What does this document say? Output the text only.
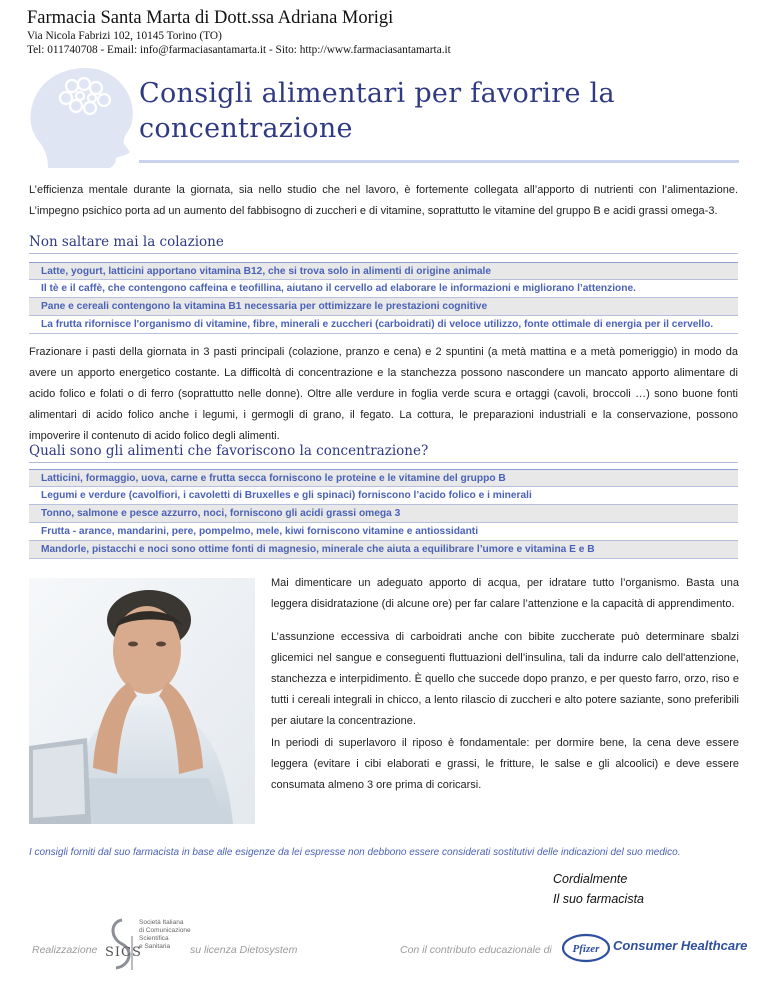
Farmacia Santa Marta di Dott.ssa Adriana Morigi
Via Nicola Fabrizi 102, 10145 Torino (TO)
Tel: 011740708 - Email: info@farmaciasantamarta.it - Sito: http://www.farmaciasantamarta.it
Consigli alimentari per favorire la
concentrazione
L’efficienza mentale durante la giornata, sia nello studio che nel lavoro, è fortemente collegata all’apporto di nutrienti con l’alimentazione. L’impegno psichico porta ad un aumento del fabbisogno di zuccheri e di vitamine, soprattutto le vitamine del gruppo B e acidi grassi omega-3.
Non saltare mai la colazione
Latte, yogurt, latticini apportano vitamina B12, che si trova solo in alimenti di origine animale
Il tè e il caffè, che contengono caffeina e teofillina, aiutano il cervello ad elaborare le informazioni e migliorano l’attenzione.
Pane e cereali contengono la vitamina B1 necessaria per ottimizzare le prestazioni cognitive
La frutta rifornisce l'organismo di vitamine, fibre, minerali e zuccheri (carboidrati) di veloce utilizzo, fonte ottimale di energia per il cervello.
Frazionare i pasti della giornata in 3 pasti principali (colazione, pranzo e cena) e 2 spuntini (a metà mattina e a metà pomeriggio) in modo da avere un apporto energetico costante. La difficoltà di concentrazione e la stanchezza possono nascondere un mancato apporto alimentare di acido folico e folati o di ferro (soprattutto nelle donne). Oltre alle verdure in foglia verde scura e ortaggi (cavoli, broccoli …) sono buone fonti alimentari di acido folico anche i legumi, i germogli di grano, il fegato. La cottura, le preparazioni industriali e la conservazione, possono impoverire il contenuto di acido folico degli alimenti.
Quali sono gli alimenti che favoriscono la concentrazione?
Latticini, formaggio, uova, carne e frutta secca forniscono le proteine e le vitamine del gruppo B
Legumi e verdure (cavolfiori, i cavoletti di Bruxelles e gli spinaci) forniscono l’acido folico e i minerali
Tonno, salmone e pesce azzurro, noci, forniscono gli acidi grassi omega 3
Frutta - arance, mandarini, pere, pompelmo, mele, kiwi forniscono vitamine e antiossidanti
Mandorle, pistacchi e noci sono ottime fonti di magnesio, minerale che aiuta a equilibrare l’umore e vitamina E e B
Mai dimenticare un adeguato apporto di acqua, per idratare tutto l’organismo. Basta una leggera disidratazione (di alcune ore) per far calare l’attenzione e la capacità di apprendimento.
L’assunzione eccessiva di carboidrati anche con bibite zuccherate può determinare sbalzi glicemici nel sangue e conseguenti fluttuazioni dell’insulina, tali da indurre calo dell'attenzione, stanchezza e interpidimento. È quello che succede dopo pranzo, e per questo farro, orzo, riso e tutti i cereali integrali in chicco, a lento rilascio di zuccheri e alto potere saziante, sono preferibili per aiutare la concentrazione.
In periodi di superlavoro il riposo è fondamentale: per dormire bene, la cena deve essere leggera (evitare i cibi elaborati e grassi, le fritture, le salse e gli alcoolici) e deve essere consumata almeno 3 ore prima di coricarsi.
I consigli forniti dal suo farmacista in base alle esigenze da lei espresse non debbono essere considerati sostitutivi delle indicazioni del suo medico.
Cordialmente
Il suo farmacista
Realizzazione SICS
Società Italiana
di Comunicazione
Scientifica
e Sanitaria su licenza Dietosystem	Con il contributo educazionale di Pfizer Consumer Healthcare
